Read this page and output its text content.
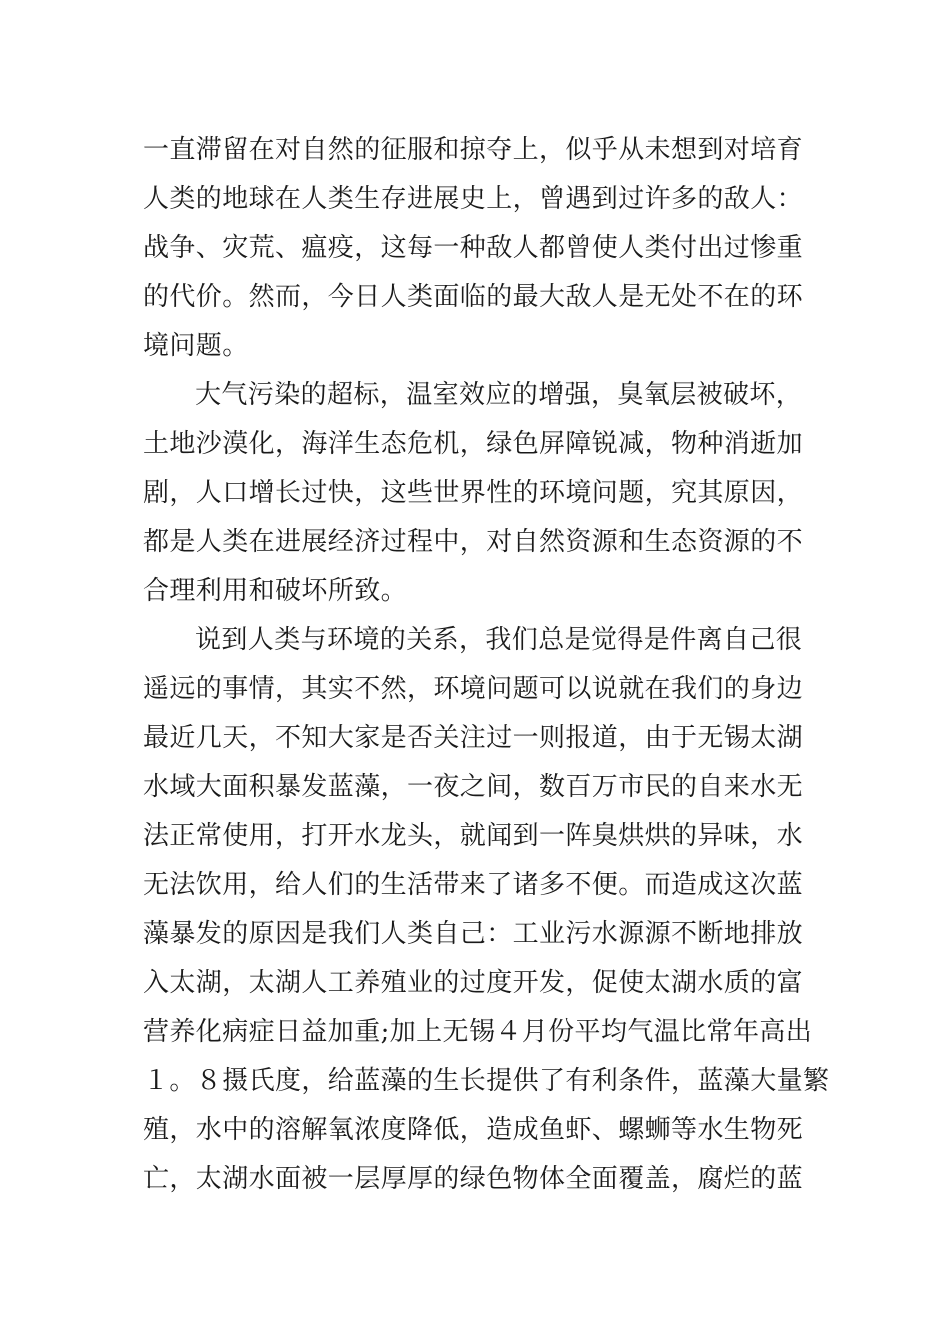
一直滞留在对自然的征服和掠夺上，似乎从未想到对培育
人类的地球在人类生存进展史上，曾遇到过许多的敌人：
战争、灾荒、瘟疫，这每一种敌人都曾使人类付出过惨重
的代价。然而，今日人类面临的最大敌人是无处不在的环
境问题。
大气污染的超标，温室效应的增强，臭氧层被破坏，
土地沙漠化，海洋生态危机，绿色屏障锐减，物种消逝加
剧，人口增长过快，这些世界性的环境问题，究其原因，
都是人类在进展经济过程中，对自然资源和生态资源的不
合理利用和破坏所致。
说到人类与环境的关系，我们总是觉得是件离自己很
遥远的事情，其实不然，环境问题可以说就在我们的身边
最近几天，不知大家是否关注过一则报道，由于无锡太湖
水域大面积暴发蓝藻，一夜之间，数百万市民的自来水无
法正常使用，打开水龙头，就闻到一阵臭烘烘的异味，水
无法饮用，给人们的生活带来了诸多不便。而造成这次蓝
藻暴发的原因是我们人类自己：工业污水源源不断地排放
入太湖，太湖人工养殖业的过度开发，促使太湖水质的富
营养化病症日益加重;加上无锡４月份平均气温比常年高出
１。８摄氏度，给蓝藻的生长提供了有利条件，蓝藻大量繁
殖，水中的溶解氧浓度降低，造成鱼虾、螺蛳等水生物死
亡，太湖水面被一层厚厚的绿色物体全面覆盖，腐烂的蓝
